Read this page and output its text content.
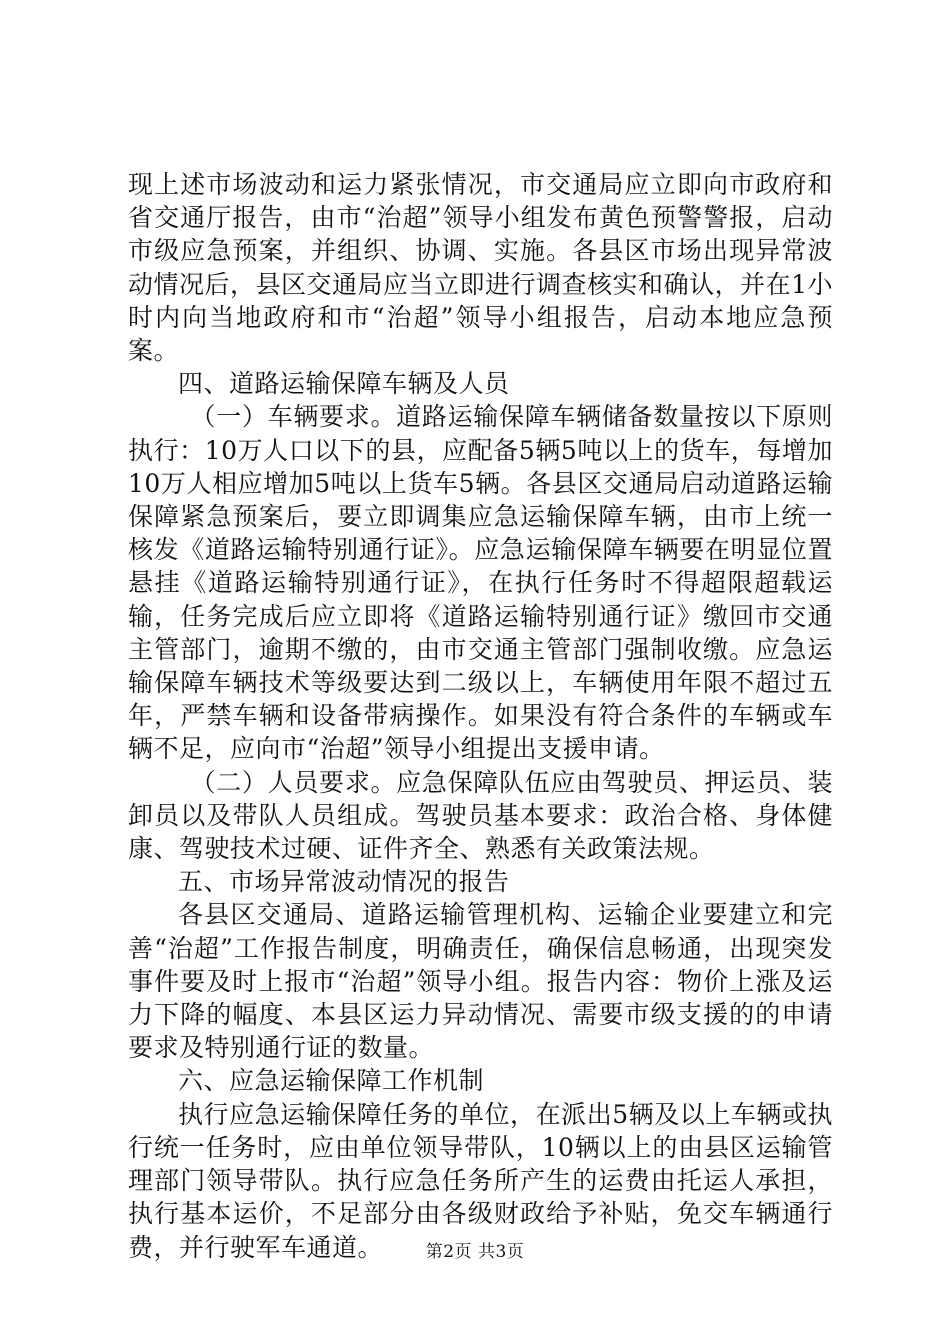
现上述市场波动和运力紧张情况，市交通局应立即向市政府和省交通厅报告，由市“治超”领导小组发布黄色预警警报，启动市级应急预案，并组织、协调、实施。各县区市场出现异常波动情况后，县区交通局应当立即进行调查核实和确认，并在1小时内向当地政府和市“治超”领导小组报告，启动本地应急预案。

四、道路运输保障车辆及人员

（一）车辆要求。道路运输保障车辆储备数量按以下原则执行：10万人口以下的县，应配备5辆5吨以上的货车，每增加10万人相应增加5吨以上货车5辆。各县区交通局启动道路运输保障紧急预案后，要立即调集应急运输保障车辆，由市上统一核发《道路运输特别通行证》。应急运输保障车辆要在明显位置悬挂《道路运输特别通行证》，在执行任务时不得超限超载运输，任务完成后应立即将《道路运输特别通行证》缴回市交通主管部门，逾期不缴的，由市交通主管部门强制收缴。应急运输保障车辆技术等级要达到二级以上，车辆使用年限不超过五年，严禁车辆和设备带病操作。如果没有符合条件的车辆或车辆不足，应向市“治超”领导小组提出支援申请。

（二）人员要求。应急保障队伍应由驾驶员、押运员、装卸员以及带队人员组成。驾驶员基本要求：政治合格、身体健康、驾驶技术过硬、证件齐全、熟悉有关政策法规。

五、市场异常波动情况的报告

各县区交通局、道路运输管理机构、运输企业要建立和完善“治超”工作报告制度，明确责任，确保信息畅通，出现突发事件要及时上报市“治超”领导小组。报告内容：物价上涨及运力下降的幅度、本县区运力异动情况、需要市级支援的的申请要求及特别通行证的数量。

六、应急运输保障工作机制

执行应急运输保障任务的单位，在派出5辆及以上车辆或执行统一任务时，应由单位领导带队，10辆以上的由县区运输管理部门领导带队。执行应急任务所产生的运费由托运人承担，执行基本运价，不足部分由各级财政给予补贴，免交车辆通行费，并行驶军车通道。	第2页 共3页
